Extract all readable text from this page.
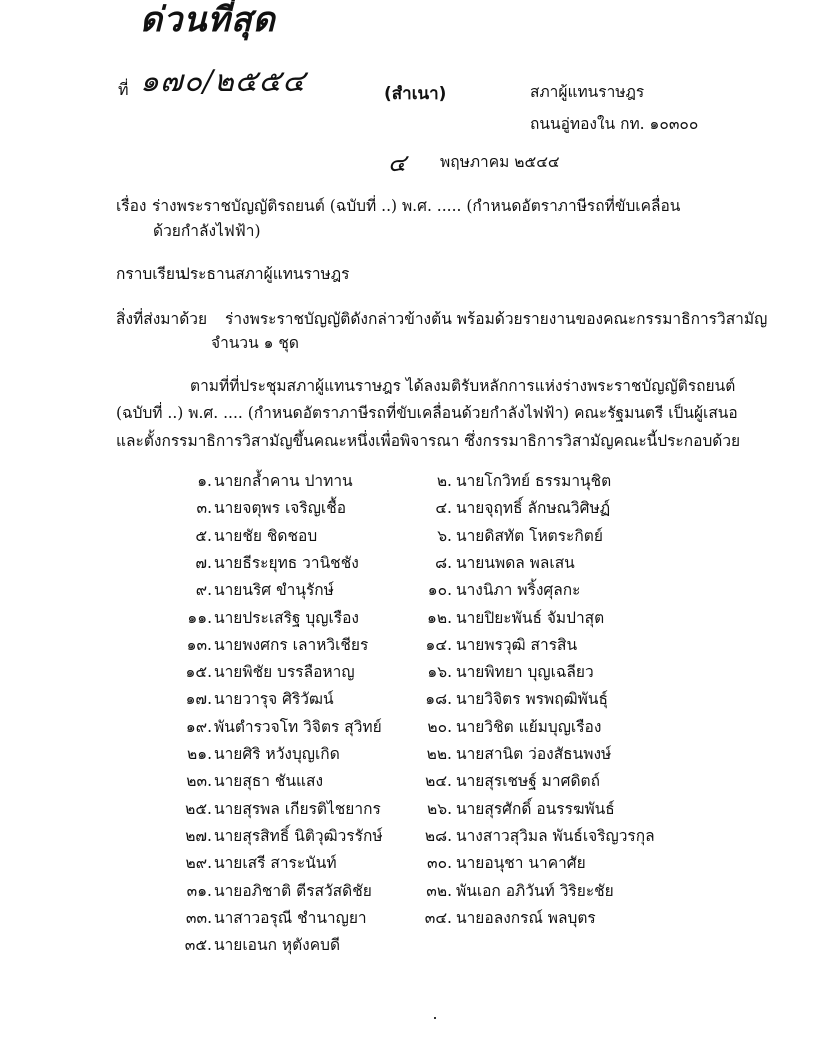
ด่วนที่สุด
ที่ ๑๗๐/๒๕๕๔	(สำเนา)	สภาผู้แทนราษฎร
ถนนอู่ทองใน กท. ๑๐๓๐๐
๔ พฤษภาคม ๒๕๔๔
เรื่อง ร่างพระราชบัญญัติรถยนต์ (ฉบับที่ ..) พ.ศ. ..... (กำหนดอัตราภาษีรถที่ขับเคลื่อน
ด้วยกำลังไฟฟ้า)
กราบเรียน
ประธานสภาผู้แทนราษฎร
สิ่งที่ส่งมาด้วย ร่างพระราชบัญญัติดังกล่าวข้างต้น พร้อมด้วยรายงานของคณะกรรมาธิการวิสามัญ
จำนวน ๑ ชุด
ตามที่ที่ประชุมสภาผู้แทนราษฎร ได้ลงมติรับหลักการแห่งร่างพระราชบัญญัติรถยนต์
(ฉบับที่ ..) พ.ศ. .... (กำหนดอัตราภาษีรถที่ขับเคลื่อนด้วยกำลังไฟฟ้า) คณะรัฐมนตรี เป็นผู้เสนอ
และตั้งกรรมาธิการวิสามัญขึ้นคณะหนึ่งเพื่อพิจารณา ซึ่งกรรมาธิการวิสามัญคณะนี้ประกอบด้วย
๑. นายกล้ำคาน ปาทาน
๓. นายจตุพร เจริญเชื้อ
๕. นายชัย ชิดชอบ
๗. นายธีระยุทธ วานิชชัง
๙. นายนริศ ขำนุรักษ์
๑๑. นายประเสริฐ บุญเรือง
๑๓. นายพงศกร เลาหวิเชียร
๑๕. นายพิชัย บรรลือหาญ
๑๗. นายวารุจ ศิริวัฒน์
๑๙. พันตำรวจโท วิจิตร สุวิทย์
๒๑. นายศิริ หวังบุญเกิด
๒๓. นายสุธา ชันแสง
๒๕. นายสุรพล เกียรติไชยากร
๒๗. นายสุรสิทธิ์ นิติวุฒิวรรักษ์
๒๙. นายเสรี สาระนันท์
๓๑. นายอภิชาติ ตีรสวัสดิชัย
๓๓. นาสาวอรุณี ชำนาญยา
๓๕. นายเอนก หุตังคบดี
๒. นายโกวิทย์ ธรรมานุชิต
๔. นายจุฤทธิ์ ลักษณวิศิษฏ์
๖. นายดิสทัต โหตระกิตย์
๘. นายนพดล พลเสน
๑๐. นางนิภา พริ้งศุลกะ
๑๒. นายปิยะพันธ์ จัมปาสุต
๑๔. นายพรวุฒิ สารสิน
๑๖. นายพิทยา บุญเฉลียว
๑๘. นายวิจิตร พรพฤฒิพันธุ์
๒๐. นายวิชิต แย้มบุญเรือง
๒๒. นายสานิต ว่องสัธนพงษ์
๒๔. นายสุรเชษฐ์ มาศดิตถ์
๒๖. นายสุรศักดิ์ อนรรฆพันธ์
๒๘. นางสาวสุวิมล พันธ์เจริญวรกุล
๓๐. นายอนุชา นาคาศัย
๓๒. พันเอก อภิวันท์ วิริยะชัย
๓๔. นายอลงกรณ์ พลบุตร
